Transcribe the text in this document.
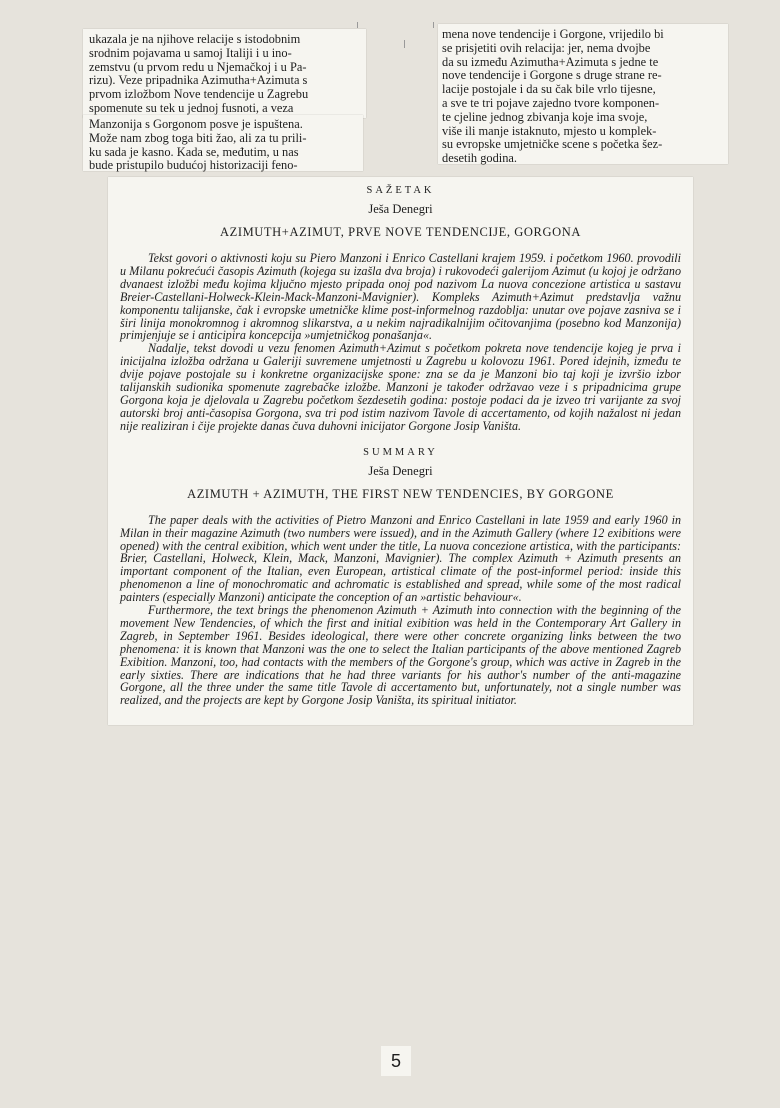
ukazala je na njihove relacije s istodobnim
srodnim pojavama u samoj Italiji i u ino-
zemstvu (u prvom redu u Njemačkoj i u Pa-
rizu). Veze pripadnika Azimutha+Azimuta s
prvom izložbom Nove tendencije u Zagrebu
spomenute su tek u jednoj fusnoti, a veza
Manzonija s Gorgonom posve je ispuštena.
Može nam zbog toga biti žao, ali za tu prili-
ku sada je kasno. Kada se, međutim, u nas
bude pristupilo budućoj historizaciji feno-
mena nove tendencije i Gorgone, vrijedilo bi
se prisjetiti ovih relacija: jer, nema dvojbe
da su između Azimutha+Azimuta s jedne te
nove tendencije i Gorgone s druge strane re-
lacije postojale i da su čak bile vrlo tijesne,
a sve te tri pojave zajedno tvore komponen-
te cjeline jednog zbivanja koje ima svoje,
više ili manje istaknuto, mjesto u komplek-
su evropske umjetničke scene s početka šez-
desetih godina.

SAŽETAK

Ješa Denegri

AZIMUTH+AZIMUT, PRVE NOVE TENDENCIJE, GORGONA

Tekst govori o aktivnosti koju su Piero Manzoni i Enrico Castellani krajem 1959. i početkom 1960. provodili u Milanu pokrećući časopis Azimuth (kojega su izašla dva broja) i rukovodeći galerijom Azimut (u kojoj je održano dvanaest izložbi među kojima ključno mjesto pripada onoj pod nazivom La nuova concezione artistica u sastavu Breier-Castellani-Holweck-Klein-Mack-Manzoni-Mavignier). Kompleks Azimuth+Azimut predstavlja važnu komponentu talijanske, čak i evropske umetničke klime post-informelnog razdoblja: unutar ove pojave zasniva se i širi linija monokromnog i akromnog slikarstva, a u nekim najradikalnijim očitovanjima (posebno kod Manzonija) primjenjuje se i anticipira koncepcija »umjetničkog ponašanja«.

Nadalje, tekst dovodi u vezu fenomen Azimuth+Azimut s početkom pokreta nove tendencije kojeg je prva i inicijalna izložba održana u Galeriji suvremene umjetnosti u Zagrebu u kolovozu 1961. Pored idejnih, između te dvije pojave postojale su i konkretne organizacijske spone: zna se da je Manzoni bio taj koji je izvršio izbor talijanskih sudionika spomenute zagrebačke izložbe. Manzoni je također održavao veze i s pripadnicima grupe Gorgona koja je djelovala u Zagrebu početkom šezdesetih godina: postoje podaci da je izveo tri varijante za svoj autorski broj anti-časopisa Gorgona, sva tri pod istim nazivom Tavole di accertamento, od kojih nažalost ni jedan nije realiziran i čije projekte danas čuva duhovni inicijator Gorgone Josip Vaništa.

SUMMARY

Ješa Denegri

AZIMUTH + AZIMUTH, THE FIRST NEW TENDENCIES, BY GORGONE

The paper deals with the activities of Pietro Manzoni and Enrico Castellani in late 1959 and early 1960 in Milan in their magazine Azimuth (two numbers were issued), and in the Azimuth Gallery (where 12 exibitions were opened) with the central exibition, which went under the title, La nuova concezione artistica, with the participants: Brier, Castellani, Holweck, Klein, Mack, Manzoni, Mavignier). The complex Azimuth + Azimuth presents an important component of the Italian, even European, artistical climate of the post-informel period: inside this phenomenon a line of monochromatic and achromatic is established and spread, while some of the most radical painters (especially Manzoni) anticipate the conception of an »artistic behaviour«.

Furthermore, the text brings the phenomenon Azimuth + Azimuth into connection with the beginning of the movement New Tendencies, of which the first and initial exibition was held in the Contemporary Art Gallery in Zagreb, in September 1961. Besides ideological, there were other concrete organizing links between the two phenomena: it is known that Manzoni was the one to select the Italian participants of the above mentioned Zagreb Exibition. Manzoni, too, had contacts with the members of the Gorgone's group, which was active in Zagreb in the early sixties. There are indications that he had three variants for his author's number of the anti-magazine Gorgone, all the three under the same title Tavole di accertamento but, unfortunately, not a single number was realized, and the projects are kept by Gorgone Josip Vaništa, its spiritual initiator.

5
